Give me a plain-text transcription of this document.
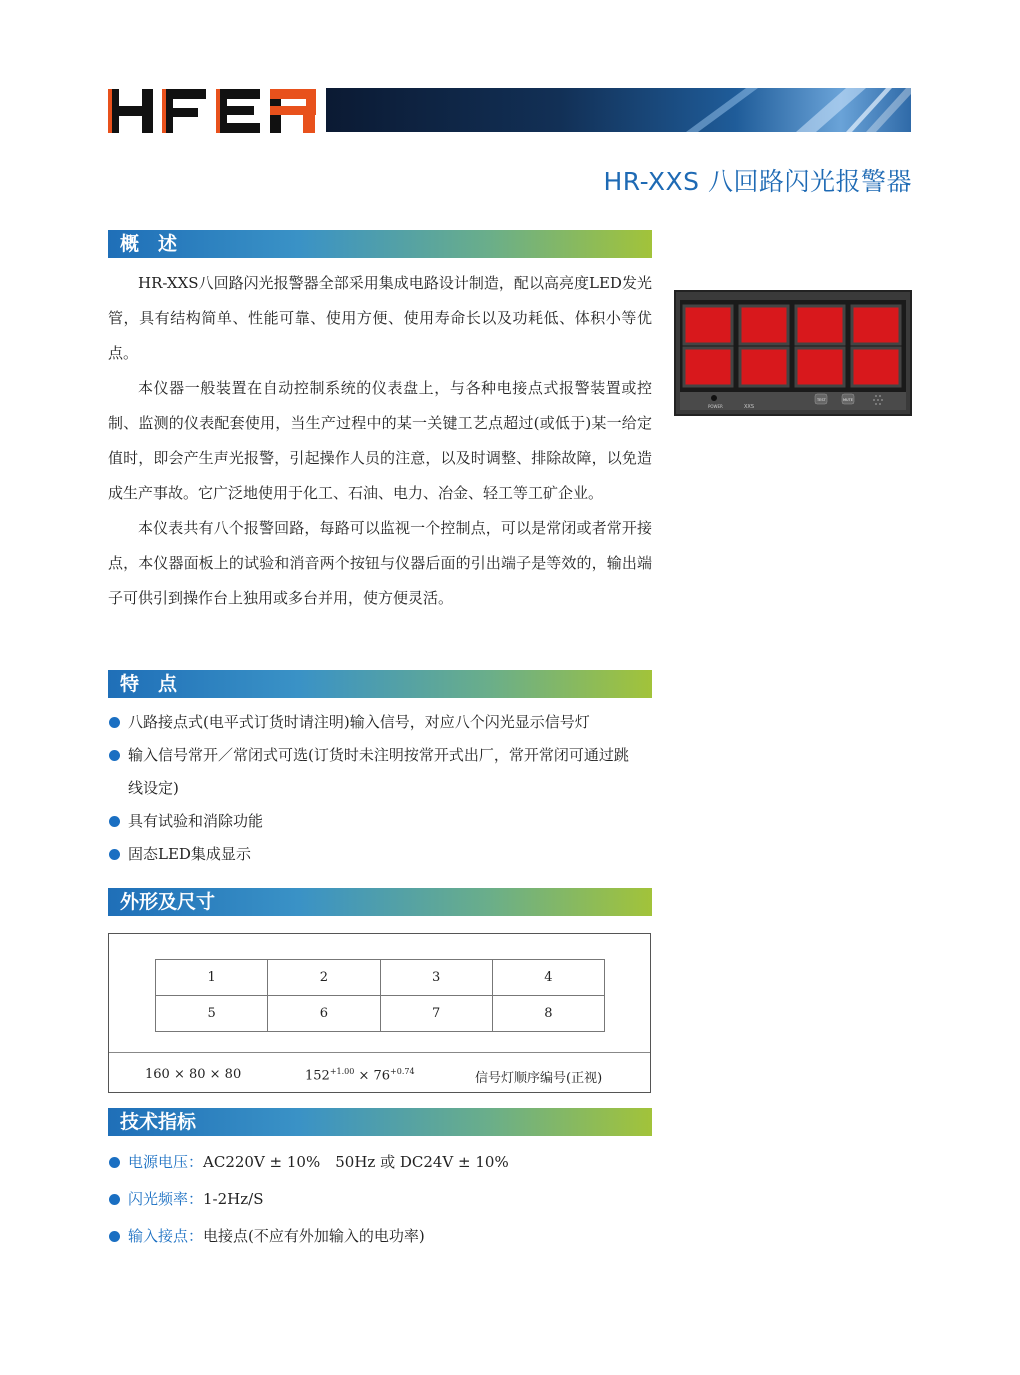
HR-XXS 八回路闪光报警器
概　述

HR-XXS八回路闪光报警器全部采用集成电路设计制造，配以高亮度LED发光管，具有结构简单、性能可靠、使用方便、使用寿命长以及功耗低、体积小等优点。

本仪器一般装置在自动控制系统的仪表盘上，与各种电接点式报警装置或控制、监测的仪表配套使用，当生产过程中的某一关键工艺点超过(或低于)某一给定值时，即会产生声光报警，引起操作人员的注意，以及时调整、排除故障，以免造成生产事故。它广泛地使用于化工、石油、电力、冶金、轻工等工矿企业。

本仪表共有八个报警回路，每路可以监视一个控制点，可以是常闭或者常开接点，本仪器面板上的试验和消音两个按钮与仪器后面的引出端子是等效的，输出端子可供引到操作台上独用或多台并用，使方便灵活。

POWER	XXS
TEST	MUTE
特　点
八路接点式(电平式订货时请注明)输入信号，对应八个闪光显示信号灯
输入信号常开／常闭式可选(订货时未注明按常开式出厂，常开常闭可通过跳线设定)
具有试验和消除功能
固态LED集成显示
外形及尺寸
1	2	3	4
5	6	7	8
160 × 80 × 80	$152^{+1.00} \times 76^{+0.74}$	信号灯顺序编号(正视)
技术指标
电源电压：AC220V ± 10%　50Hz 或 DC24V ± 10%
闪光频率：1-2Hz/S
输入接点：电接点(不应有外加输入的电功率)
